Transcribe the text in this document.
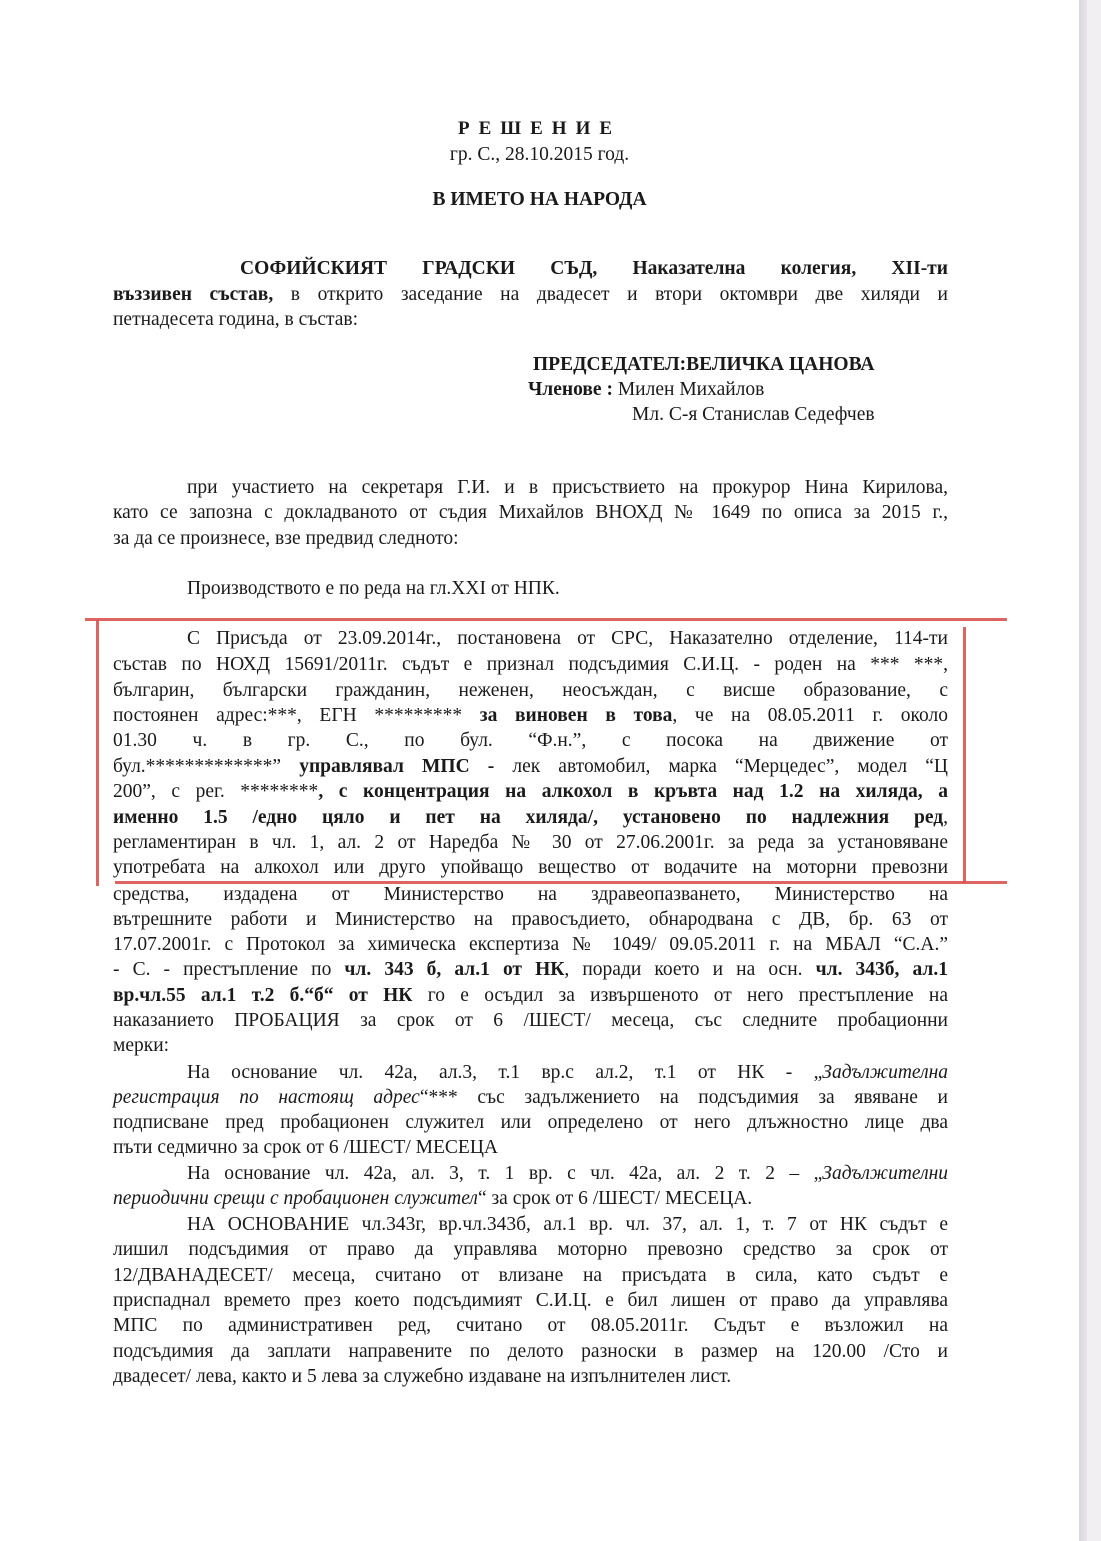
РЕШЕНИЕ
гр. С., 28.10.2015 год.
В ИМЕТО НА НАРОДА
СОФИЙСКИЯТ ГРАДСКИ СЪД, Наказателна колегия, XII-ти
въззивен състав, в открито заседание на двадесет и втори октомври две хиляди и
петнадесета година, в състав:
ПРЕДСЕДАТЕЛ:ВЕЛИЧКА ЦАНОВА
Членове : Милен Михайлов
Мл. С-я Станислав Седефчев
при участието на секретаря Г.И. и в присъствието на прокурор Нина Кирилова,
като се запозна с докладваното от съдия Михайлов ВНОХД № 1649 по описа за 2015 г.,
за да се произнесе, взе предвид следното:
Производството е по реда на гл.XXI от НПК.
С Присъда от 23.09.2014г., постановена от СРС, Наказателно отделение, 114-ти
състав по НОХД 15691/2011г. съдът е признал подсъдимия С.И.Ц. - роден на *** ***,
българин, български гражданин, неженен, неосъждан, с висше образование, с
постоянен адрес:***, ЕГН ********* за виновен в това, че на 08.05.2011 г. около
01.30 ч. в гр. С., по бул. “Ф.н.”, с посока на движение от
бул.*************” управлявал МПС - лек автомобил, марка “Мерцедес”, модел “Ц
200”, с рег. ********, с концентрация на алкохол в кръвта над 1.2 на хиляда, а
именно 1.5 /едно цяло и пет на хиляда/, установено по надлежния ред,
регламентиран в чл. 1, ал. 2 от Наредба № 30 от 27.06.2001г. за реда за установяване
употребата на алкохол или друго упойващо вещество от водачите на моторни превозни
средства, издадена от Министерство на здравеопазването, Министерство на
вътрешните работи и Министерство на правосъдието, обнародвана с ДВ, бр. 63 от
17.07.2001г. с Протокол за химическа експертиза № 1049/ 09.05.2011 г. на МБАЛ “С.А.”
- С. - престъпление по чл. 343 б, ал.1 от НК, поради което и на осн. чл. 343б, ал.1
вр.чл.55 ал.1 т.2 б.“б“ от НК го е осъдил за извършеното от него престъпление на
наказанието ПРОБАЦИЯ за срок от 6 /ШЕСТ/ месеца, със следните пробационни
мерки:
На основание чл. 42а, ал.3, т.1 вр.с ал.2, т.1 от НК - „Задължителна
регистрация по настоящ адрес“*** със задължението на подсъдимия за явяване и
подписване пред пробационен служител или определено от него длъжностно лице два
пъти седмично за срок от 6 /ШЕСТ/ МЕСЕЦА
На основание чл. 42а, ал. 3, т. 1 вр. с чл. 42а, ал. 2 т. 2 – „Задължителни
периодични срещи с пробационен служител“ за срок от 6 /ШЕСТ/ МЕСЕЦА.
НА ОСНОВАНИЕ чл.343г, вр.чл.343б, ал.1 вр. чл. 37, ал. 1, т. 7 от НК съдът е
лишил подсъдимия от право да управлява моторно превозно средство за срок от
12/ДВАНАДЕСЕТ/ месеца, считано от влизане на присъдата в сила, като съдът е
приспаднал времето през което подсъдимият С.И.Ц. е бил лишен от право да управлява
МПС по административен ред, считано от 08.05.2011г. Съдът е възложил на
подсъдимия да заплати направените по делото разноски в размер на 120.00 /Сто и
двадесет/ лева, както и 5 лева за служебно издаване на изпълнителен лист.
